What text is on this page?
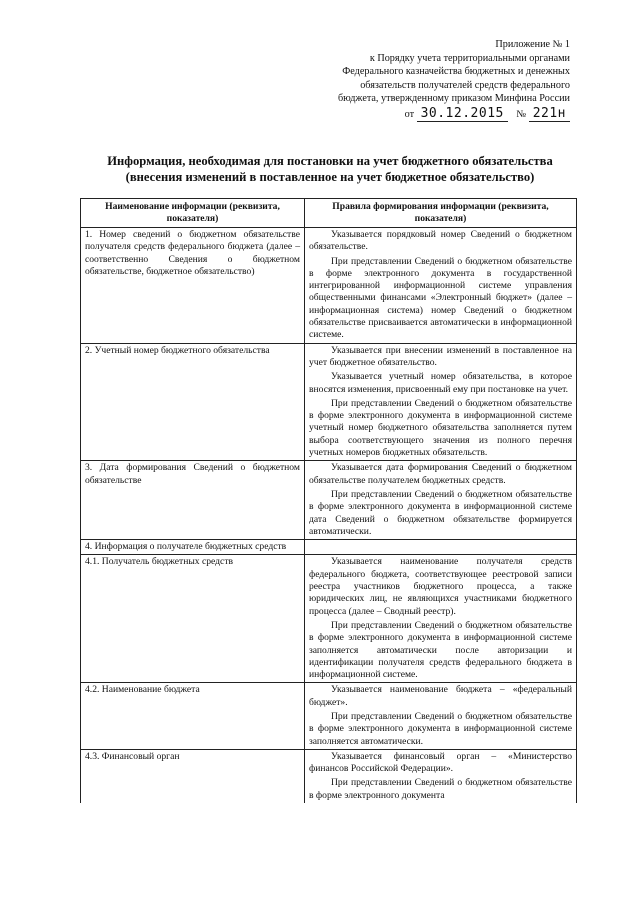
Приложение № 1
к Порядку учета территориальными органами
Федерального казначейства бюджетных и денежных
обязательств получателей средств федерального
бюджета, утвержденному приказом Минфина России
от 30.12.2015 № 221н
Информация, необходимая для постановки на учет бюджетного обязательства
(внесения изменений в поставленное на учет бюджетное обязательство)
Наименование информации (реквизита, показателя)	Правила формирования информации (реквизита, показателя)
1. Номер сведений о бюджетном обязательстве получателя средств федерального бюджета (далее – соответственно Сведения о бюджетном обязательстве, бюджетное обязательство)	Указывается порядковый номер Сведений о бюджетном обязательстве.

При представлении Сведений о бюджетном обязательстве в форме электронного документа в государственной интегрированной информационной системе управления общественными финансами «Электронный бюджет» (далее – информационная система) номер Сведений о бюджетном обязательстве присваивается автоматически в информационной системе.

2. Учетный номер бюджетного обязательства	Указывается при внесении изменений в поставленное на учет бюджетное обязательство.

Указывается учетный номер обязательства, в которое вносятся изменения, присвоенный ему при постановке на учет.

При представлении Сведений о бюджетном обязательстве в форме электронного документа в информационной системе учетный номер бюджетного обязательства заполняется путем выбора соответствующего значения из полного перечня учетных номеров бюджетных обязательств.

3. Дата формирования Сведений о бюджетном обязательстве	Указывается дата формирования Сведений о бюджетном обязательстве получателем бюджетных средств.

При представлении Сведений о бюджетном обязательстве в форме электронного документа в информационной системе дата Сведений о бюджетном обязательстве формируется автоматически.

4. Информация о получателе бюджетных средств	
4.1. Получатель бюджетных средств	Указывается наименование получателя средств федерального бюджета, соответствующее реестровой записи реестра участников бюджетного процесса, а также юридических лиц, не являющихся участниками бюджетного процесса (далее – Сводный реестр).

При представлении Сведений о бюджетном обязательстве в форме электронного документа в информационной системе заполняется автоматически после авторизации и идентификации получателя средств федерального бюджета в информационной системе.

4.2. Наименование бюджета	Указывается наименование бюджета – «федеральный бюджет».

При представлении Сведений о бюджетном обязательстве в форме электронного документа в информационной системе заполняется автоматически.

4.3. Финансовый орган	Указывается финансовый орган – «Министерство финансов Российской Федерации».

При представлении Сведений о бюджетном обязательстве в форме электронного документа
